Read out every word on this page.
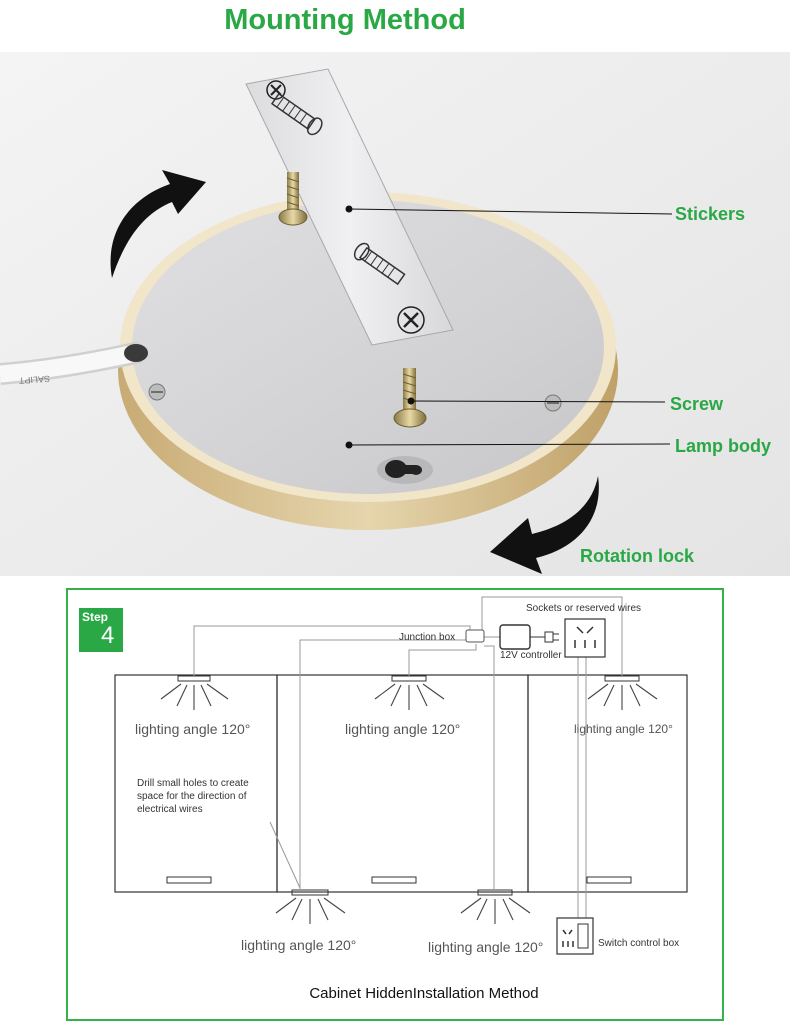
Mounting Method
SALIPT
Stickers
Screw
Lamp body
Rotation lock
Step
4	Junction box
12V controller
Sockets or reserved wires
Drill small holes to create
space for the direction of
electrical wires
Switch control box
lighting angle 120°	lighting angle 120°	lighting angle 120°
lighting angle 120°	lighting angle 120°
Cabinet HiddenInstallation Method
